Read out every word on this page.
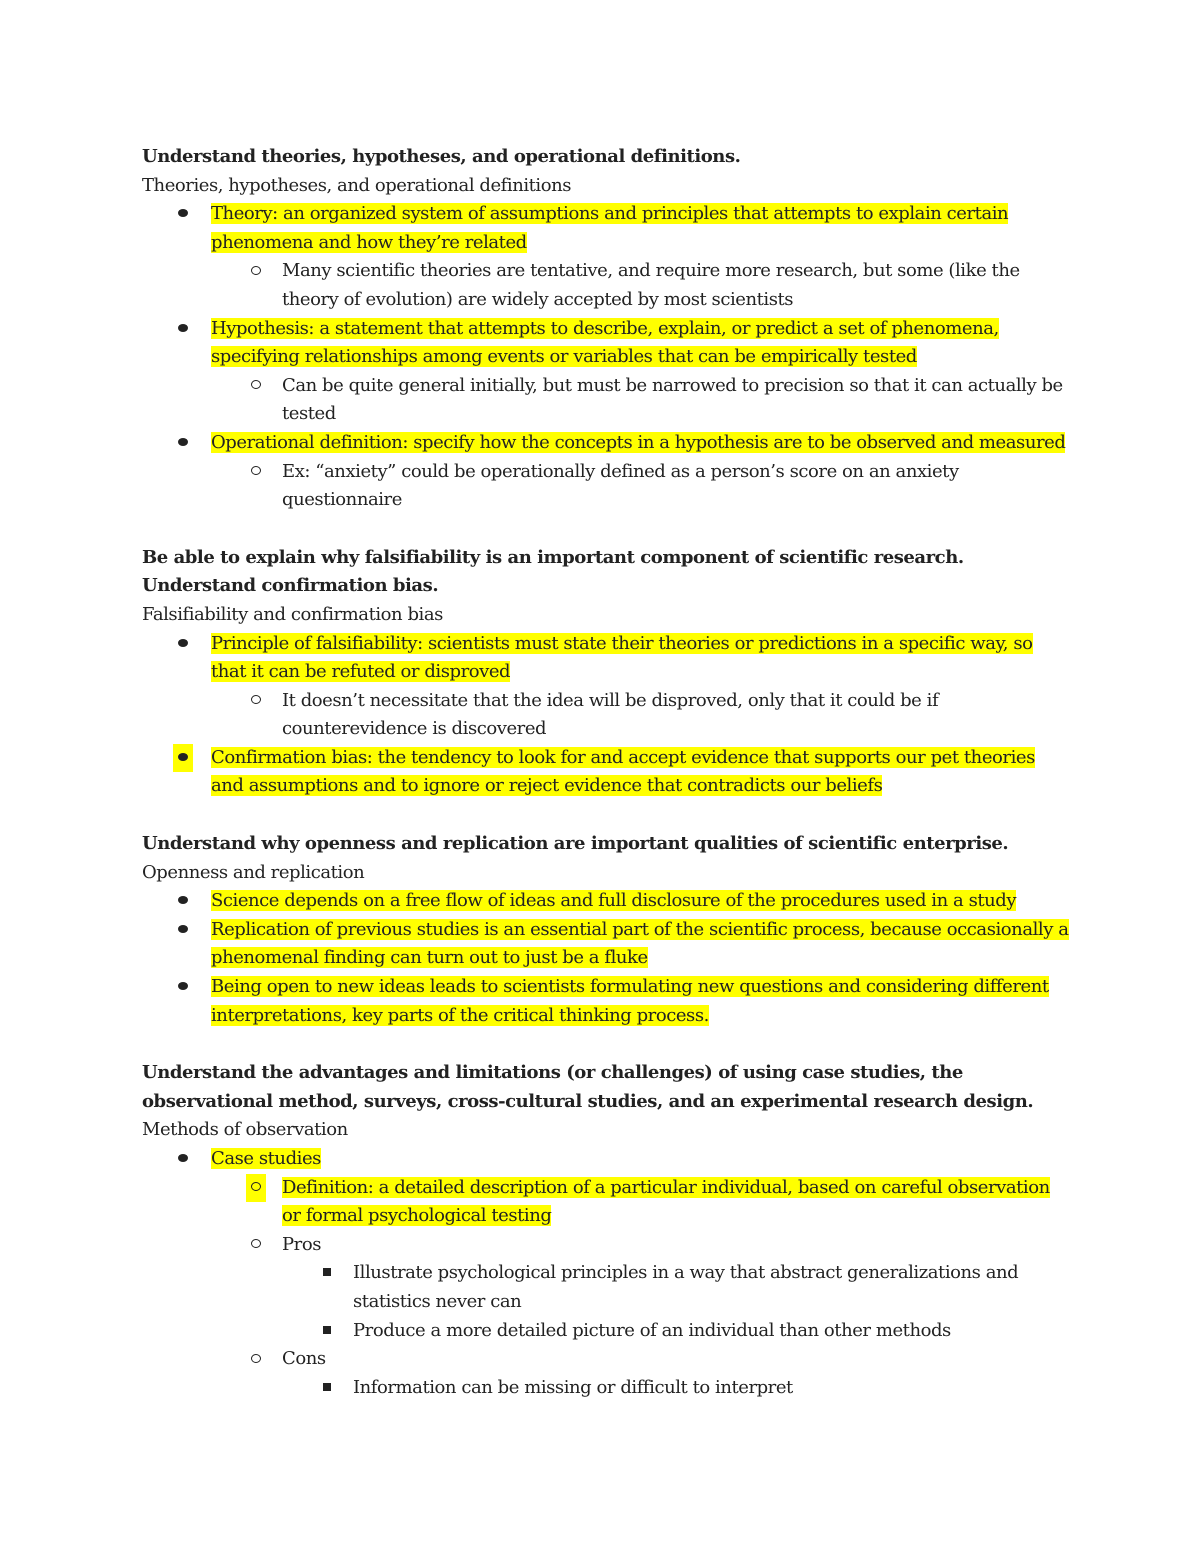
Understand theories, hypotheses, and operational definitions.
Theories, hypotheses, and operational definitions
Theory: an organized system of assumptions and principles that attempts to explain certain phenomena and how they’re related
Many scientific theories are tentative, and require more research, but some (like the theory of evolution) are widely accepted by most scientists
Hypothesis: a statement that attempts to describe, explain, or predict a set of phenomena, specifying relationships among events or variables that can be empirically tested
Can be quite general initially, but must be narrowed to precision so that it can actually be tested
Operational definition: specify how the concepts in a hypothesis are to be observed and measured
Ex: “anxiety” could be operationally defined as a person’s score on an anxiety questionnaire
Be able to explain why falsifiability is an important component of scientific research. Understand confirmation bias.
Falsifiability and confirmation bias
Principle of falsifiability: scientists must state their theories or predictions in a specific way, so that it can be refuted or disproved
It doesn’t necessitate that the idea will be disproved, only that it could be if counterevidence is discovered
Confirmation bias: the tendency to look for and accept evidence that supports our pet theories and assumptions and to ignore or reject evidence that contradicts our beliefs
Understand why openness and replication are important qualities of scientific enterprise.
Openness and replication
Science depends on a free flow of ideas and full disclosure of the procedures used in a study
Replication of previous studies is an essential part of the scientific process, because occasionally a phenomenal finding can turn out to just be a fluke
Being open to new ideas leads to scientists formulating new questions and considering different interpretations, key parts of the critical thinking process.
Understand the advantages and limitations (or challenges) of using case studies, the observational method, surveys, cross-cultural studies, and an experimental research design.
Methods of observation
Case studies
Definition: a detailed description of a particular individual, based on careful observation or formal psychological testing
Pros
Illustrate psychological principles in a way that abstract generalizations and statistics never can
Produce a more detailed picture of an individual than other methods
Cons
Information can be missing or difficult to interpret
